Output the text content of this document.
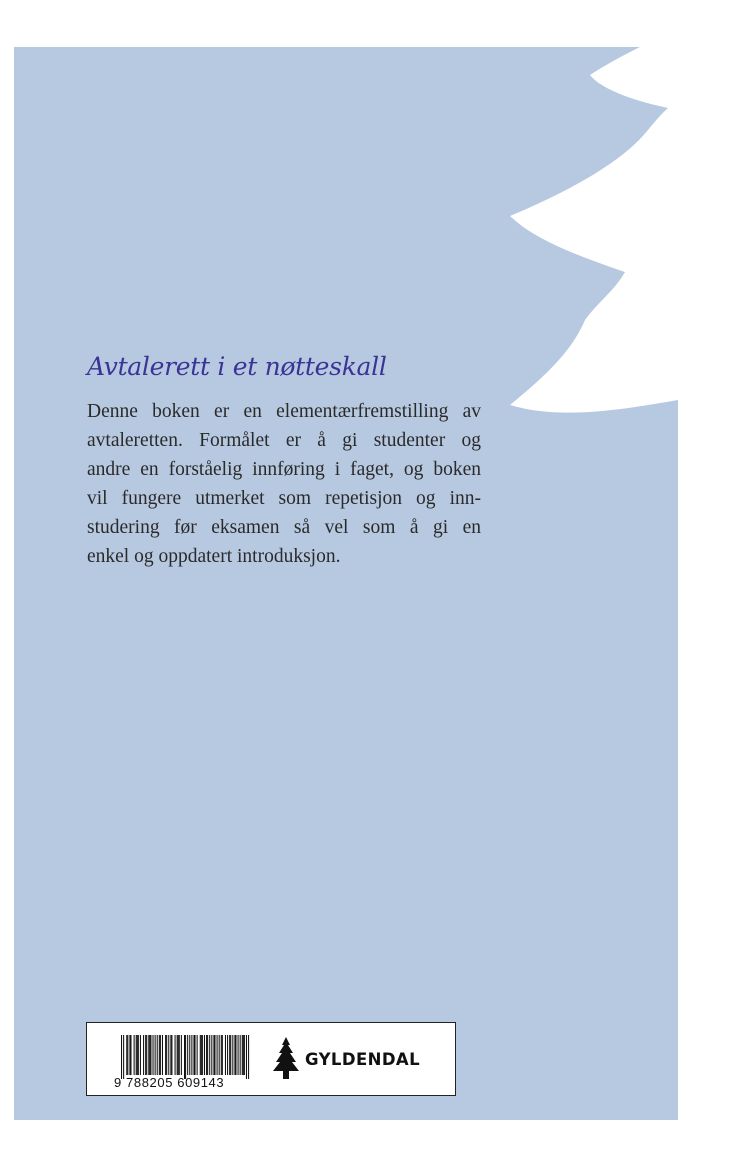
Avtalerett i et nøtteskall

Denne boken er en elementærfremstilling av
avtaleretten. Formålet er å gi studenter og
andre en forståelig innføring i faget, og boken
vil fungere utmerket som repetisjon og inn-
studering før eksamen så vel som å gi en
enkel og oppdatert introduksjon.

9 788205 609143
GYLDENDAL
